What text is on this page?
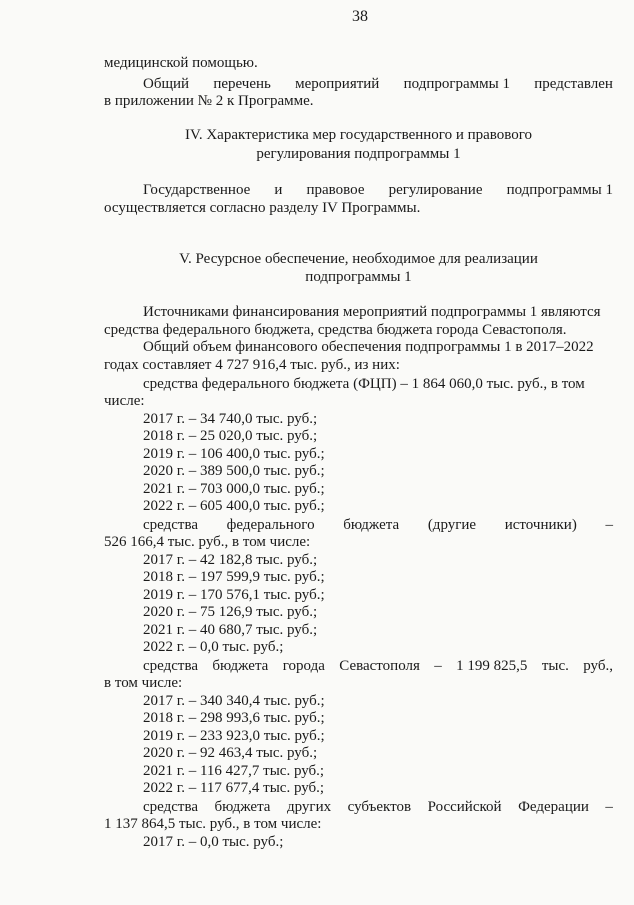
38
медицинской помощью.
Общий перечень мероприятий подпрограммы 1 представлен
в приложении № 2 к Программе.
IV. Характеристика мер государственного и правового
регулирования подпрограммы 1
Государственное и правовое регулирование подпрограммы 1
осуществляется согласно разделу IV Программы.
V. Ресурсное обеспечение, необходимое для реализации
подпрограммы 1
Источниками финансирования мероприятий подпрограммы 1 являются
средства федерального бюджета, средства бюджета города Севастополя.
Общий объем финансового обеспечения подпрограммы 1 в 2017–2022
годах составляет 4 727 916,4 тыс. руб., из них:
средства федерального бюджета (ФЦП) – 1 864 060,0 тыс. руб., в том
числе:
2017 г. – 34 740,0 тыс. руб.;
2018 г. – 25 020,0 тыс. руб.;
2019 г. – 106 400,0 тыс. руб.;
2020 г. – 389 500,0 тыс. руб.;
2021 г. – 703 000,0 тыс. руб.;
2022 г. – 605 400,0 тыс. руб.;
средства федерального бюджета (другие источники) –
526 166,4 тыс. руб., в том числе:
2017 г. – 42 182,8 тыс. руб.;
2018 г. – 197 599,9 тыс. руб.;
2019 г. – 170 576,1 тыс. руб.;
2020 г. – 75 126,9 тыс. руб.;
2021 г. – 40 680,7 тыс. руб.;
2022 г. – 0,0 тыс. руб.;
средства бюджета города Севастополя – 1 199 825,5 тыс. руб.,
в том числе:
2017 г. – 340 340,4 тыс. руб.;
2018 г. – 298 993,6 тыс. руб.;
2019 г. – 233 923,0 тыс. руб.;
2020 г. – 92 463,4 тыс. руб.;
2021 г. – 116 427,7 тыс. руб.;
2022 г. – 117 677,4 тыс. руб.;
средства бюджета других субъектов Российской Федерации –
1 137 864,5 тыс. руб., в том числе:
2017 г. – 0,0 тыс. руб.;
